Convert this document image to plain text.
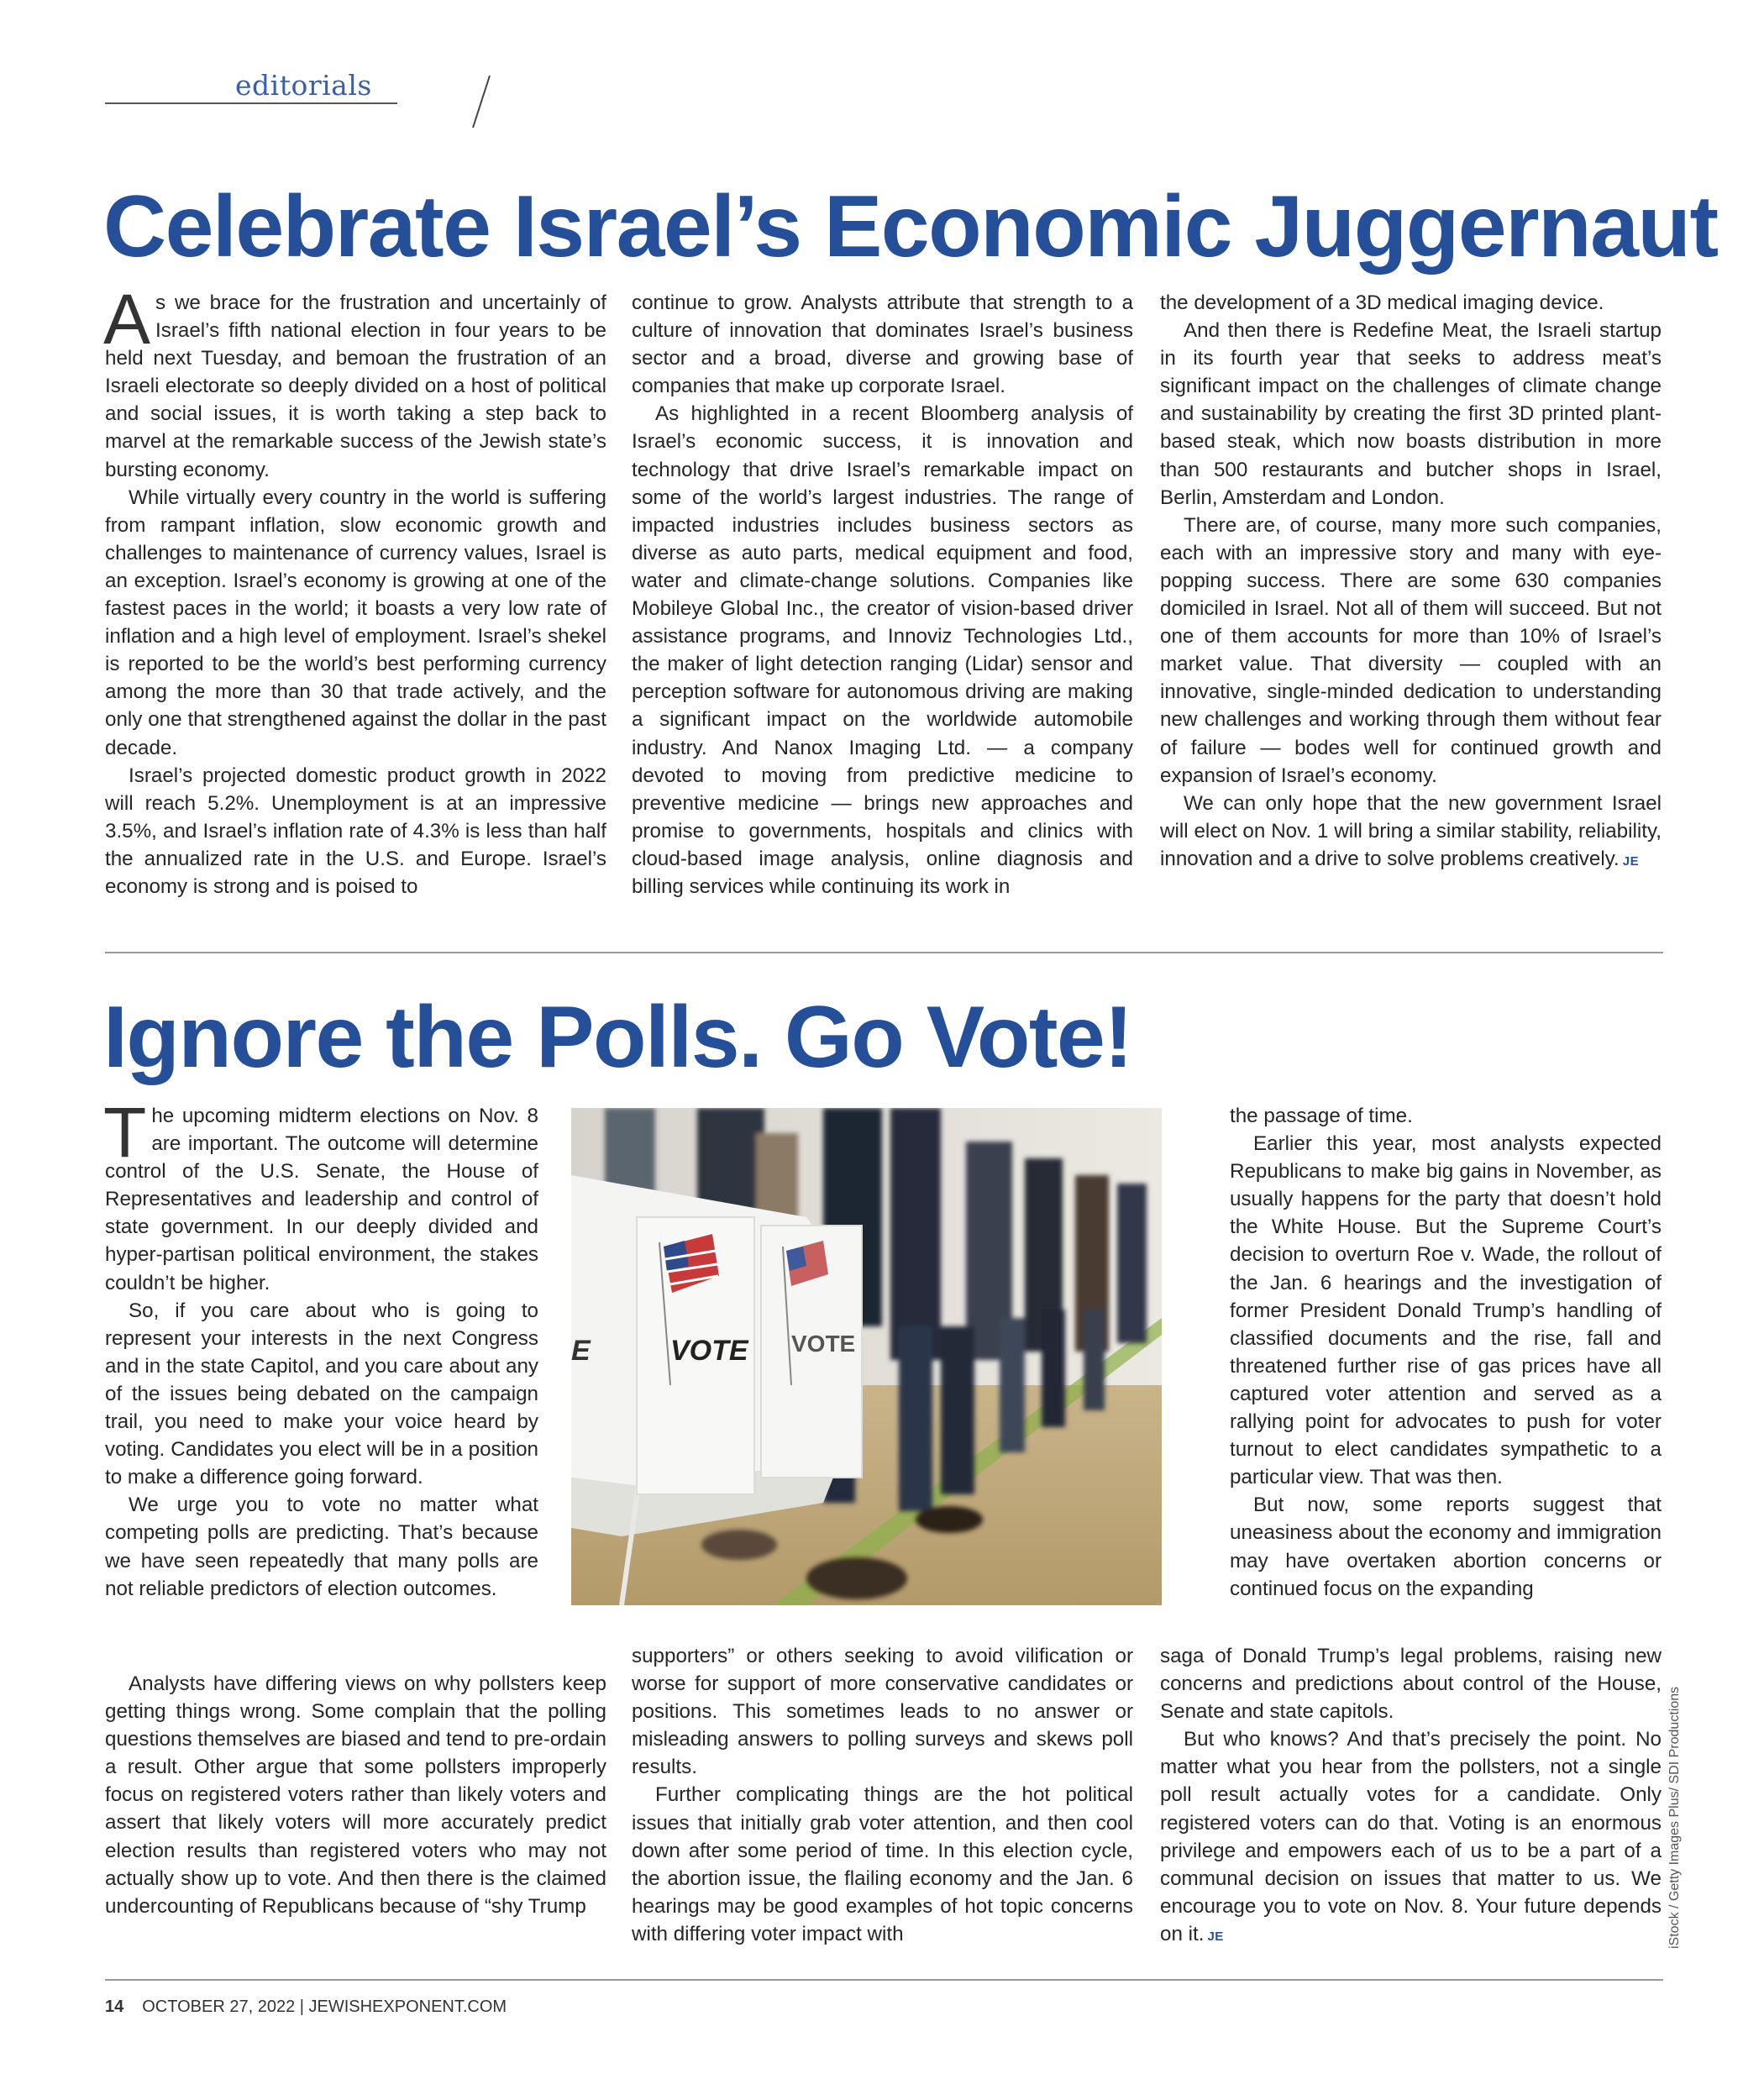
editorials
Celebrate Israel’s Economic Juggernaut

As we brace for the frustration and uncertainly of Israel’s fifth national election in four years to be held next Tuesday, and bemoan the frustration of an Israeli electorate so deeply divided on a host of political and social issues, it is worth taking a step back to marvel at the remarkable success of the Jewish state’s bursting economy.

While virtually every country in the world is suffering from rampant inflation, slow economic growth and challenges to maintenance of currency values, Israel is an exception. Israel’s economy is growing at one of the fastest paces in the world; it boasts a very low rate of inflation and a high level of employment. Israel’s shekel is reported to be the world’s best performing currency among the more than 30 that trade actively, and the only one that strengthened against the dollar in the past decade.

Israel’s projected domestic product growth in 2022 will reach 5.2%. Unemployment is at an impressive 3.5%, and Israel’s inflation rate of 4.3% is less than half the annualized rate in the U.S. and Europe. Israel’s economy is strong and is poised to

continue to grow. Analysts attribute that strength to a culture of innovation that dominates Israel’s business sector and a broad, diverse and growing base of companies that make up corporate Israel.

As highlighted in a recent Bloomberg analysis of Israel’s economic success, it is innovation and technology that drive Israel’s remarkable impact on some of the world’s largest industries. The range of impacted industries includes business sectors as diverse as auto parts, medical equipment and food, water and climate-change solutions. Companies like Mobileye Global Inc., the creator of vision-based driver assistance programs, and Innoviz Technologies Ltd., the maker of light detection ranging (Lidar) sensor and perception software for autonomous driving are making a significant impact on the worldwide automobile industry. And Nanox Imaging Ltd. — a company devoted to moving from predictive medicine to preventive medicine — brings new approaches and promise to governments, hospitals and clinics with cloud-based image analysis, online diagnosis and billing services while continuing its work in

the development of a 3D medical imaging device.

And then there is Redefine Meat, the Israeli startup in its fourth year that seeks to address meat’s significant impact on the challenges of climate change and sustainability by creating the first 3D printed plant-based steak, which now boasts distribution in more than 500 restaurants and butcher shops in Israel, Berlin, Amsterdam and London.

There are, of course, many more such companies, each with an impressive story and many with eye-popping success. There are some 630 companies domiciled in Israel. Not all of them will succeed. But not one of them accounts for more than 10% of Israel’s market value. That diversity — coupled with an innovative, single-minded dedication to understanding new challenges and working through them without fear of failure — bodes well for continued growth and expansion of Israel’s economy.

We can only hope that the new government Israel will elect on Nov. 1 will bring a similar stability, reliability, innovation and a drive to solve problems creatively. JE

Ignore the Polls. Go Vote!

The upcoming midterm elections on Nov. 8 are important. The outcome will determine control of the U.S. Senate, the House of Representatives and leadership and control of state government. In our deeply divided and hyper-partisan political environment, the stakes couldn’t be higher.

So, if you care about who is going to represent your interests in the next Congress and in the state Capitol, and you care about any of the issues being debated on the campaign trail, you need to make your voice heard by voting. Candidates you elect will be in a position to make a difference going forward.

We urge you to vote no matter what competing polls are predicting. That’s because we have seen repeatedly that many polls are not reliable predictors of election outcomes.

Analysts have differing views on why pollsters keep getting things wrong. Some complain that the polling questions themselves are biased and tend to pre-ordain a result. Other argue that some pollsters improperly focus on registered voters rather than likely voters and assert that likely voters will more accurately predict election results than registered voters who may not actually show up to vote. And then there is the claimed undercounting of Republicans because of “shy Trump

VOTE VOTE
E

supporters” or others seeking to avoid vilification or worse for support of more conservative candidates or positions. This sometimes leads to no answer or misleading answers to polling surveys and skews poll results.

Further complicating things are the hot political issues that initially grab voter attention, and then cool down after some period of time. In this election cycle, the abortion issue, the flailing economy and the Jan. 6 hearings may be good examples of hot topic concerns with differing voter impact with

the passage of time.

Earlier this year, most analysts expected Republicans to make big gains in November, as usually happens for the party that doesn’t hold the White House. But the Supreme Court’s decision to overturn Roe v. Wade, the rollout of the Jan. 6 hearings and the investigation of former President Donald Trump’s handling of classified documents and the rise, fall and threatened further rise of gas prices have all captured voter attention and served as a rallying point for advocates to push for voter turnout to elect candidates sympathetic to a particular view. That was then.

But now, some reports suggest that uneasiness about the economy and immigration may have overtaken abortion concerns or continued focus on the expanding

saga of Donald Trump’s legal problems, raising new concerns and predictions about control of the House, Senate and state capitols.

But who knows? And that’s precisely the point. No matter what you hear from the pollsters, not a single poll result actually votes for a candidate. Only registered voters can do that. Voting is an enormous privilege and empowers each of us to be a part of a communal decision on issues that matter to us. We encourage you to vote on Nov. 8. Your future depends on it. JE	iStock / Getty Images Plus/ SDI Productions
14 OCTOBER 27, 2022 | JEWISHEXPONENT.COM
